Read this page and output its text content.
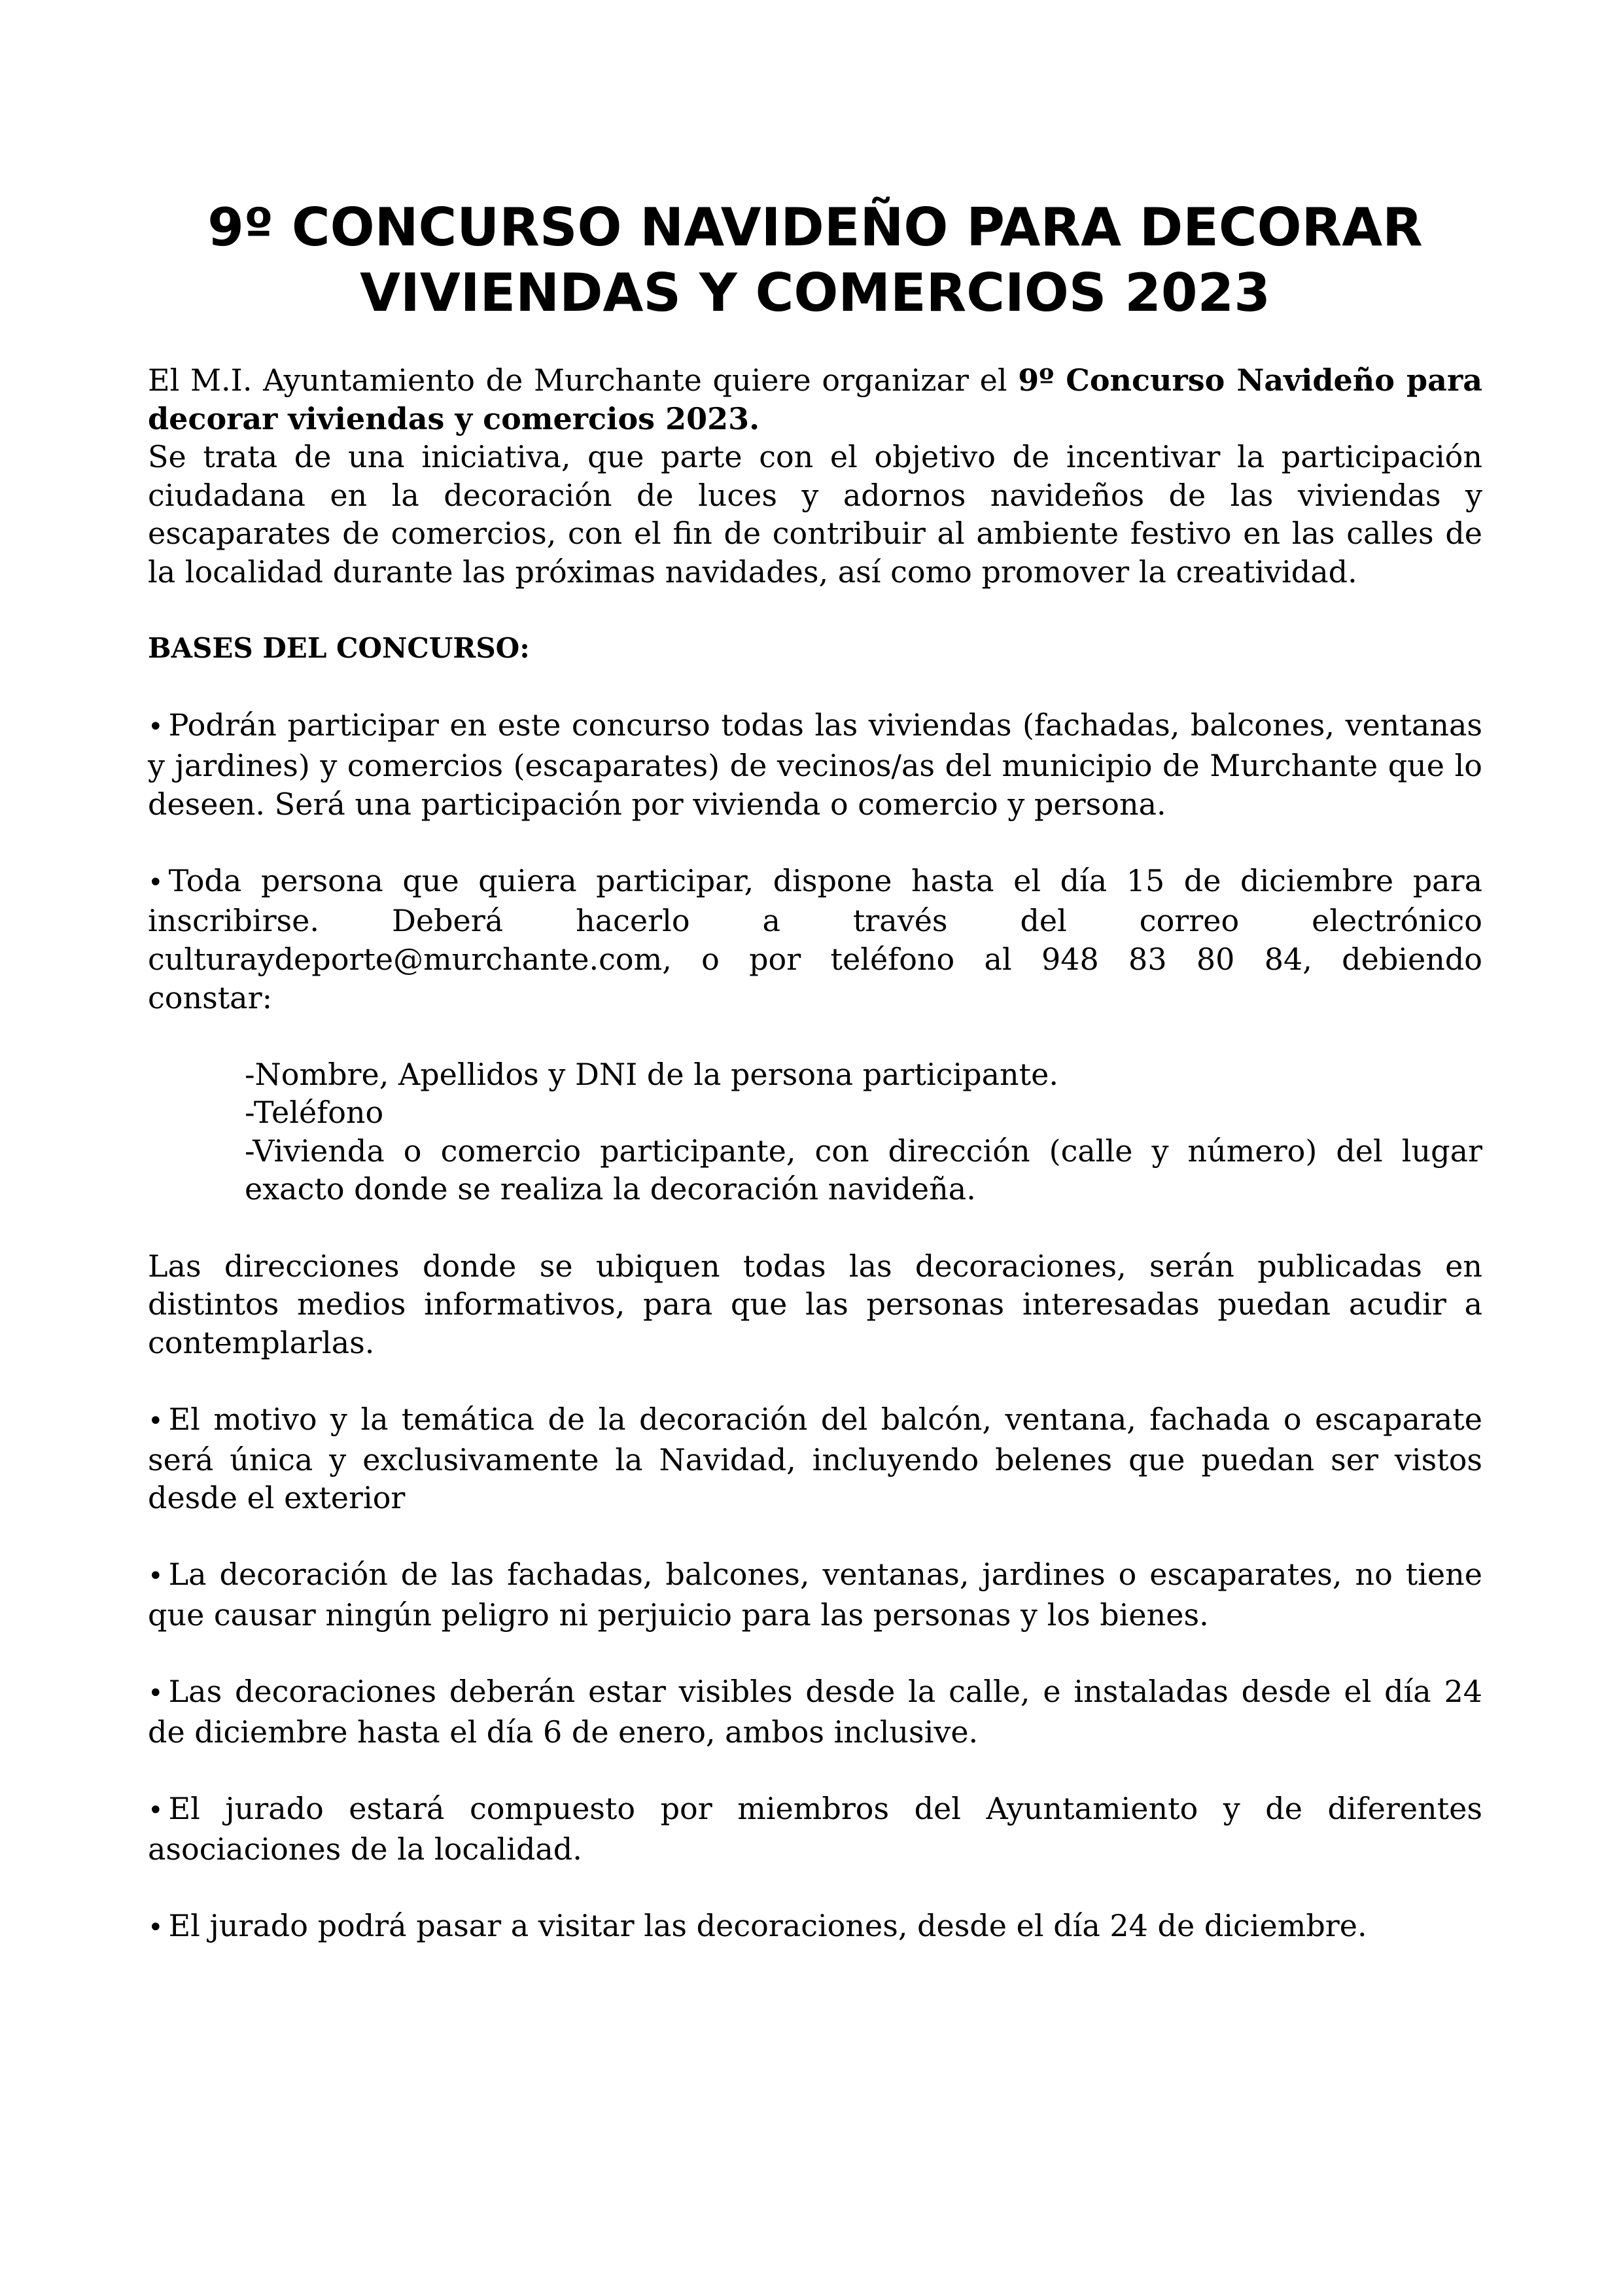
9º CONCURSO NAVIDEÑO PARA DECORAR
VIVIENDAS Y COMERCIOS 2023

El M.I. Ayuntamiento de Murchante quiere organizar el 9º Concurso Navideño para decorar viviendas y comercios 2023.

Se trata de una iniciativa, que parte con el objetivo de incentivar la participación ciudadana en la decoración de luces y adornos navideños de las viviendas y escaparates de comercios, con el fin de contribuir al ambiente festivo en las calles de la localidad durante las próximas navidades, así como promover la creatividad.

BASES DEL CONCURSO:

• Podrán participar en este concurso todas las viviendas (fachadas, balcones, ventanas y jardines) y comercios (escaparates) de vecinos/as del municipio de Murchante que lo deseen. Será una participación por vivienda o comercio y persona.

• Toda persona que quiera participar, dispone hasta el día 15 de diciembre para

inscribirse. Deberá hacerlo a través del correo electrónico

culturaydeporte@murchante.com, o por teléfono al 948 83 80 84, debiendo

constar:

-Nombre, Apellidos y DNI de la persona participante.

-Teléfono

-Vivienda o comercio participante, con dirección (calle y número) del lugar exacto donde se realiza la decoración navideña.

Las direcciones donde se ubiquen todas las decoraciones, serán publicadas en distintos medios informativos, para que las personas interesadas puedan acudir a contemplarlas.

• El motivo y la temática de la decoración del balcón, ventana, fachada o escaparate será única y exclusivamente la Navidad, incluyendo belenes que puedan ser vistos desde el exterior

• La decoración de las fachadas, balcones, ventanas, jardines o escaparates, no tiene que causar ningún peligro ni perjuicio para las personas y los bienes.

• Las decoraciones deberán estar visibles desde la calle, e instaladas desde el día 24 de diciembre hasta el día 6 de enero, ambos inclusive.

• El jurado estará compuesto por miembros del Ayuntamiento y de diferentes asociaciones de la localidad.

• El jurado podrá pasar a visitar las decoraciones, desde el día 24 de diciembre.
